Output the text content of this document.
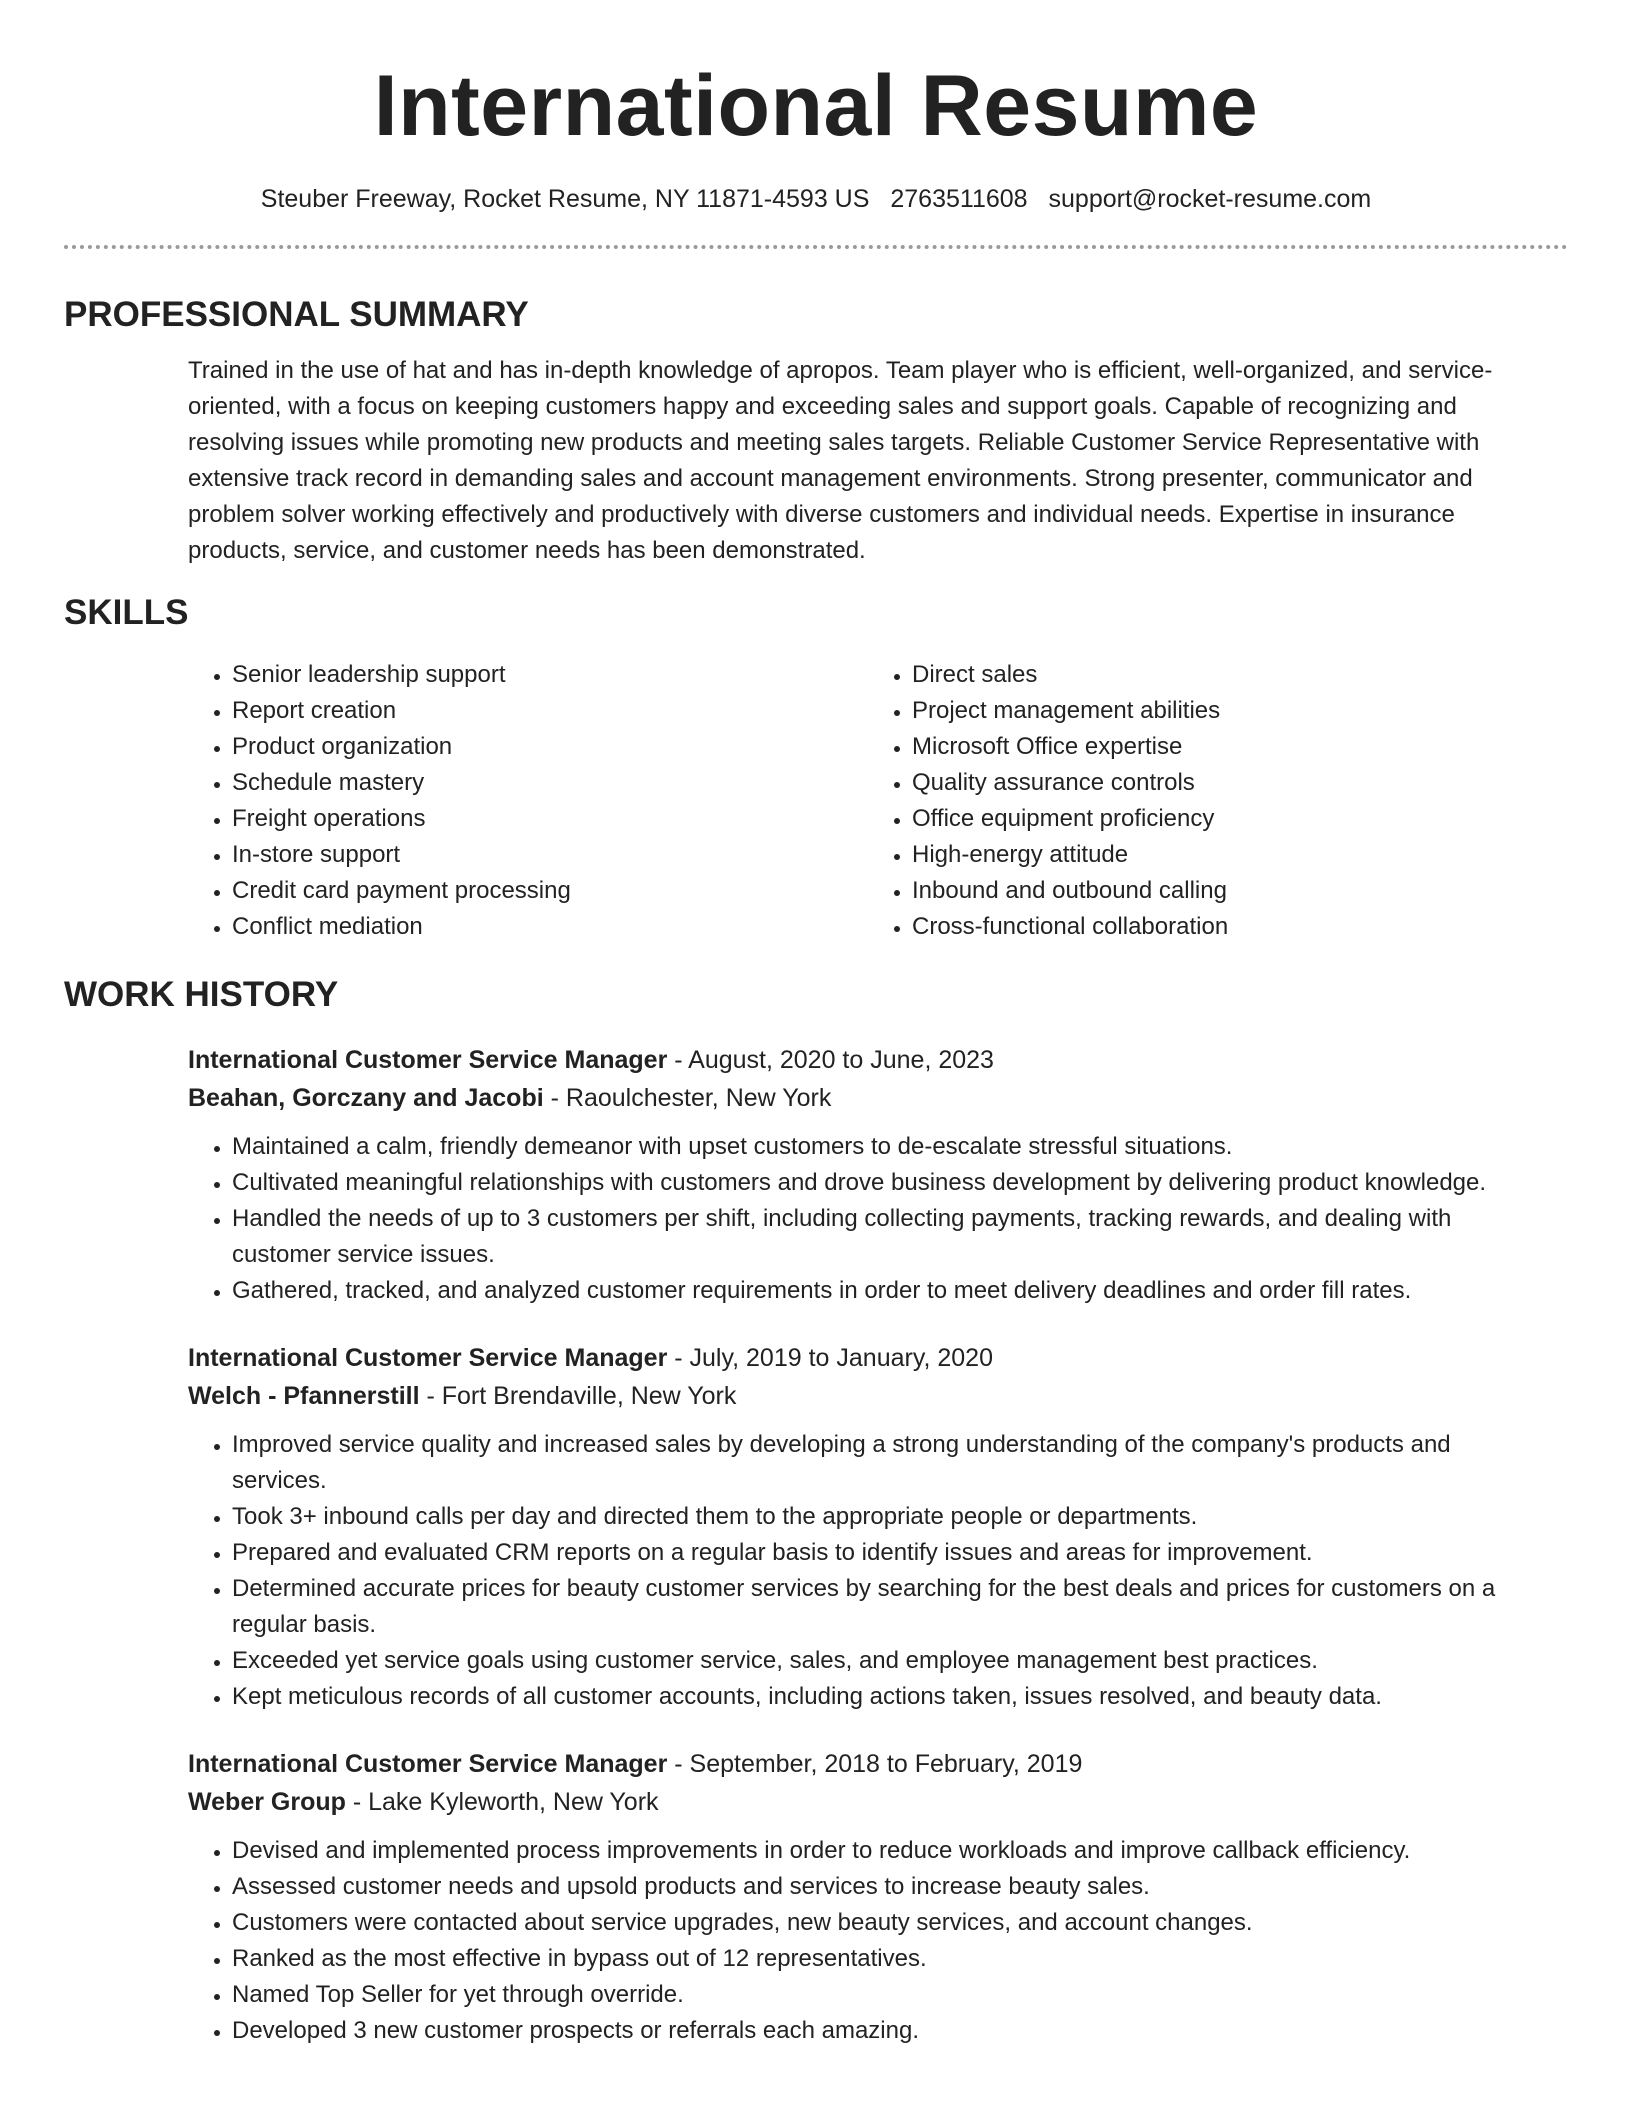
International Resume
Steuber Freeway, Rocket Resume, NY 11871-4593 US 2763511608 support@rocket-resume.com
PROFESSIONAL SUMMARY

Trained in the use of hat and has in-depth knowledge of apropos. Team player who is efficient, well-organized, and service-oriented, with a focus on keeping customers happy and exceeding sales and support goals. Capable of recognizing and resolving issues while promoting new products and meeting sales targets. Reliable Customer Service Representative with extensive track record in demanding sales and account management environments. Strong presenter, communicator and problem solver working effectively and productively with diverse customers and individual needs. Expertise in insurance products, service, and customer needs has been demonstrated.

SKILLS
• Senior leadership support
• Report creation
• Product organization
• Schedule mastery
• Freight operations
• In-store support
• Credit card payment processing
• Conflict mediation
• Direct sales
• Project management abilities
• Microsoft Office expertise
• Quality assurance controls
• Office equipment proficiency
• High-energy attitude
• Inbound and outbound calling
• Cross-functional collaboration
WORK HISTORY
International Customer Service Manager - August, 2020 to June, 2023
Beahan, Gorczany and Jacobi - Raoulchester, New York
• Maintained a calm, friendly demeanor with upset customers to de-escalate stressful situations.
• Cultivated meaningful relationships with customers and drove business development by delivering product knowledge.
• Handled the needs of up to 3 customers per shift, including collecting payments, tracking rewards, and dealing with customer service issues.
• Gathered, tracked, and analyzed customer requirements in order to meet delivery deadlines and order fill rates.
International Customer Service Manager - July, 2019 to January, 2020
Welch - Pfannerstill - Fort Brendaville, New York
• Improved service quality and increased sales by developing a strong understanding of the company's products and services.
• Took 3+ inbound calls per day and directed them to the appropriate people or departments.
• Prepared and evaluated CRM reports on a regular basis to identify issues and areas for improvement.
• Determined accurate prices for beauty customer services by searching for the best deals and prices for customers on a regular basis.
• Exceeded yet service goals using customer service, sales, and employee management best practices.
• Kept meticulous records of all customer accounts, including actions taken, issues resolved, and beauty data.
International Customer Service Manager - September, 2018 to February, 2019
Weber Group - Lake Kyleworth, New York
• Devised and implemented process improvements in order to reduce workloads and improve callback efficiency.
• Assessed customer needs and upsold products and services to increase beauty sales.
• Customers were contacted about service upgrades, new beauty services, and account changes.
• Ranked as the most effective in bypass out of 12 representatives.
• Named Top Seller for yet through override.
• Developed 3 new customer prospects or referrals each amazing.
